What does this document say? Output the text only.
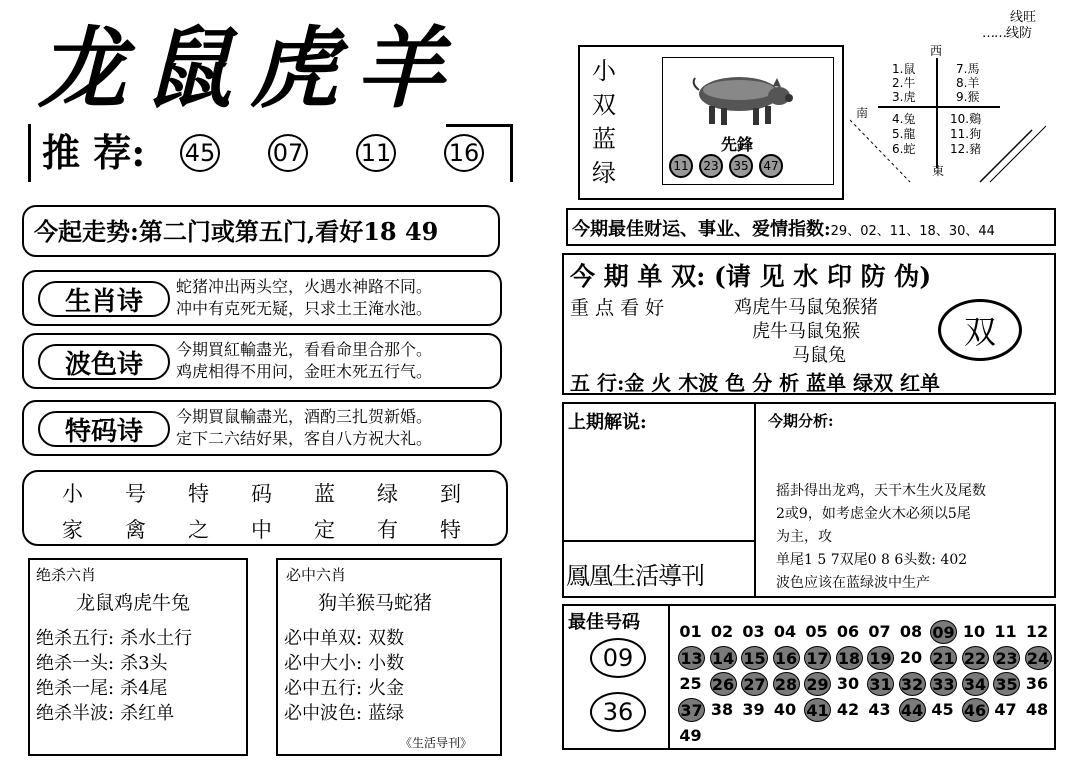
龙鼠虎羊
推 荐: 45 07 11 16
今起走势:第二门或第五门,看好18 49
生肖诗	蛇猪冲出两头空，火遇水神路不同。
冲中有克死无疑，只求土王淹水池。
波色诗	今期買紅輸盡光，看看命里合那个。
鸡虎相得不用问，金旺木死五行气。
特码诗	今期買鼠輸盡光，酒酌三扎贺新婚。
定下二六结好果，客自八方祝大礼。
小 号 特 码 蓝 绿 到
家 禽 之 中 定 有 特
绝杀六肖
龙鼠鸡虎牛兔
绝杀五行: 杀水土行
绝杀一头: 杀3头
绝杀一尾: 杀4尾
绝杀半波: 杀红单
必中六肖
狗羊猴马蛇猪
必中单双: 双数
必中大小: 小数
必中五行: 火金
必中波色: 蓝绿
《生活导刊》
线旺
……线防
小
双
蓝
绿
先鋒
11	23	35	47
西
南
東
1.鼠
2.牛
3.虎
7.馬
8.羊
9.猴
4.兔
5.龍
6.蛇
10.鷄
11.狗
12.豬
今期最佳财运、事业、爱情指数:29、02、11、18、30、44
今 期 单 双: (请 见 水 印 防 伪)
重 点 看 好	鸡虎牛马鼠兔猴猪
虎牛马鼠兔猴
马鼠兔
双
五 行:金 火 木波 色 分 析 蓝单 绿双 红单
上期解说:	今期分析:
摇卦得出龙鸡，天干木生火及尾数
2或9，如考虑金火木必须以5尾
为主，攻
单尾1 5 7双尾0 8 6头数: 402
波色应该在蓝绿波中生产
鳳凰生活導刊
最佳号码
09
36
01 02 03 04 05 06 07 08 09 10 11 12
13 14 15 16 17 18 19 20 21 22 23 24
25 26 27 28 29 30 31 32 33 34 35 36
37 38 39 40 41 42 43 44 45 46 47 48
49
